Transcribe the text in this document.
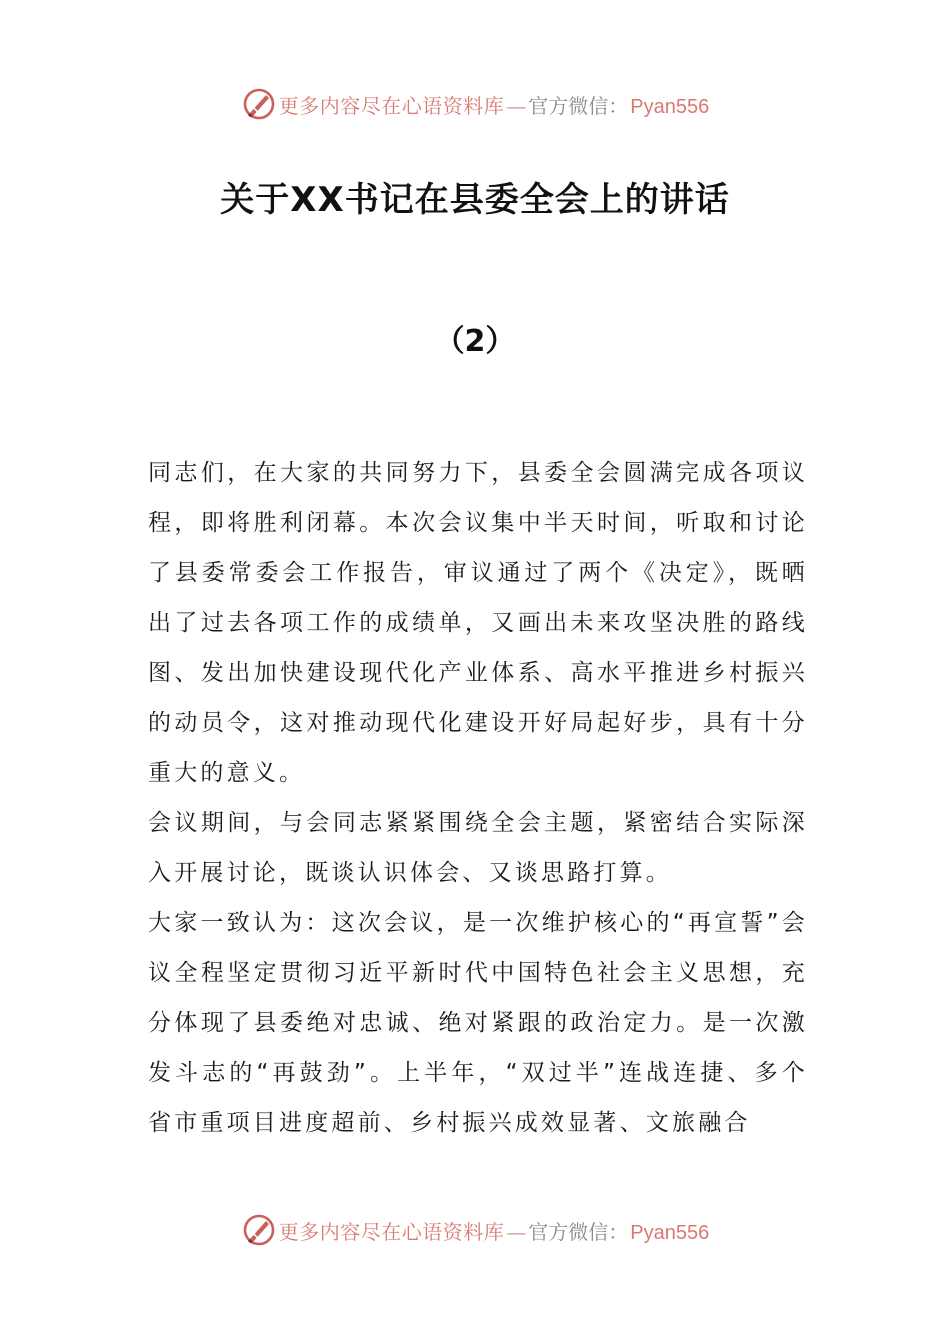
更多内容尽在心语资料库 — 官方微信： Pyan556
关于XX书记在县委全会上的讲话
（2）

同志们，在大家的共同努力下，县委全会圆满完成各项议程，即将胜利闭幕。本次会议集中半天时间，听取和讨论了县委常委会工作报告，审议通过了两个《决定》，既晒出了过去各项工作的成绩单，又画出未来攻坚决胜的路线图、发出加快建设现代化产业体系、高水平推进乡村振兴的动员令，这对推动现代化建设开好局起好步，具有十分重大的意义。

会议期间，与会同志紧紧围绕全会主题，紧密结合实际深入开展讨论，既谈认识体会、又谈思路打算。

大家一致认为：这次会议，是一次维护核心的“再宣誓”会议全程坚定贯彻习近平新时代中国特色社会主义思想，充分体现了县委绝对忠诚、绝对紧跟的政治定力。是一次激发斗志的“再鼓劲”。上半年，“双过半”连战连捷、多个省市重项目进度超前、乡村振兴成效显著、文旅融合

更多内容尽在心语资料库 — 官方微信： Pyan556
